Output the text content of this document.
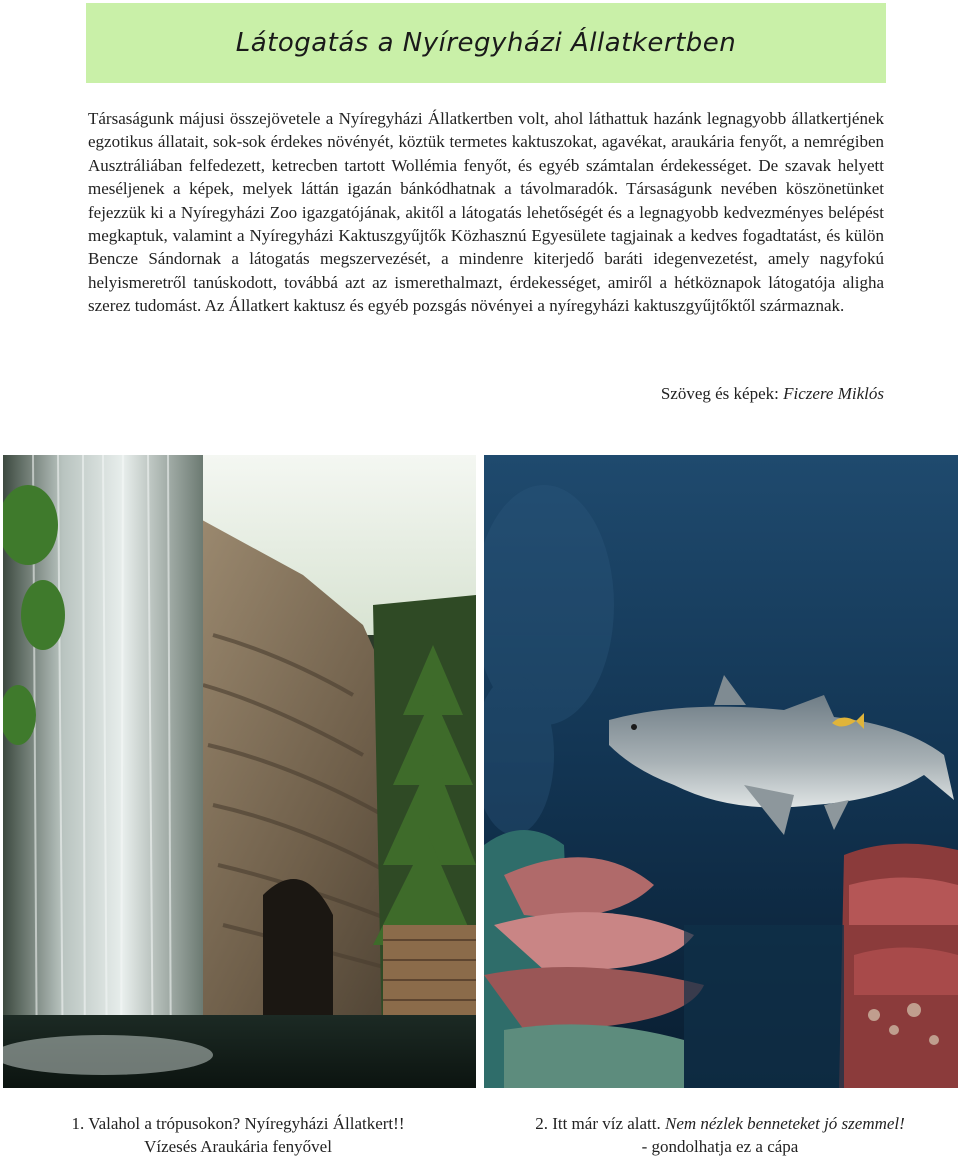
Látogatás a Nyíregyházi Állatkertben

Társaságunk májusi összejövetele a Nyíregyházi Állatkertben volt, ahol láthattuk hazánk legnagyobb állatkertjének egzotikus állatait, sok-sok érdekes növényét, köztük termetes kaktuszokat, agavékat, araukária fenyőt, a nemrégiben Ausztráliában felfedezett, ketrecben tartott Wollémia fenyőt, és egyéb számtalan érdekességet. De szavak helyett meséljenek a képek, melyek láttán igazán bánkódhatnak a távolmaradók. Társaságunk nevében köszönetünket fejezzük ki a Nyíregyházi Zoo igazgatójának, akitől a látogatás lehetőségét és a legnagyobb kedvezményes belépést megkaptuk, valamint a Nyíregyházi Kaktuszgyűjtők Közhasznú Egyesülete tagjainak a kedves fogadtatást, és külön Bencze Sándornak a látogatás megszervezését, a mindenre kiterjedő baráti idegenvezetést, amely nagyfokú helyismeretről tanúskodott, továbbá azt az ismerethalmazt, érdekességet, amiről a hétköznapok látogatója aligha szerez tudomást. Az Állatkert kaktusz és egyéb pozsgás növényei a nyíregyházi kaktuszgyűjtőktől származnak.

Szöveg és képek: Ficzere Miklós

1. Valahol a trópusokon? Nyíregyházi Állatkert!!
Vízesés Araukária fenyővel

2. Itt már víz alatt. Nem nézlek benneteket jó szemmel!
- gondolhatja ez a cápa
